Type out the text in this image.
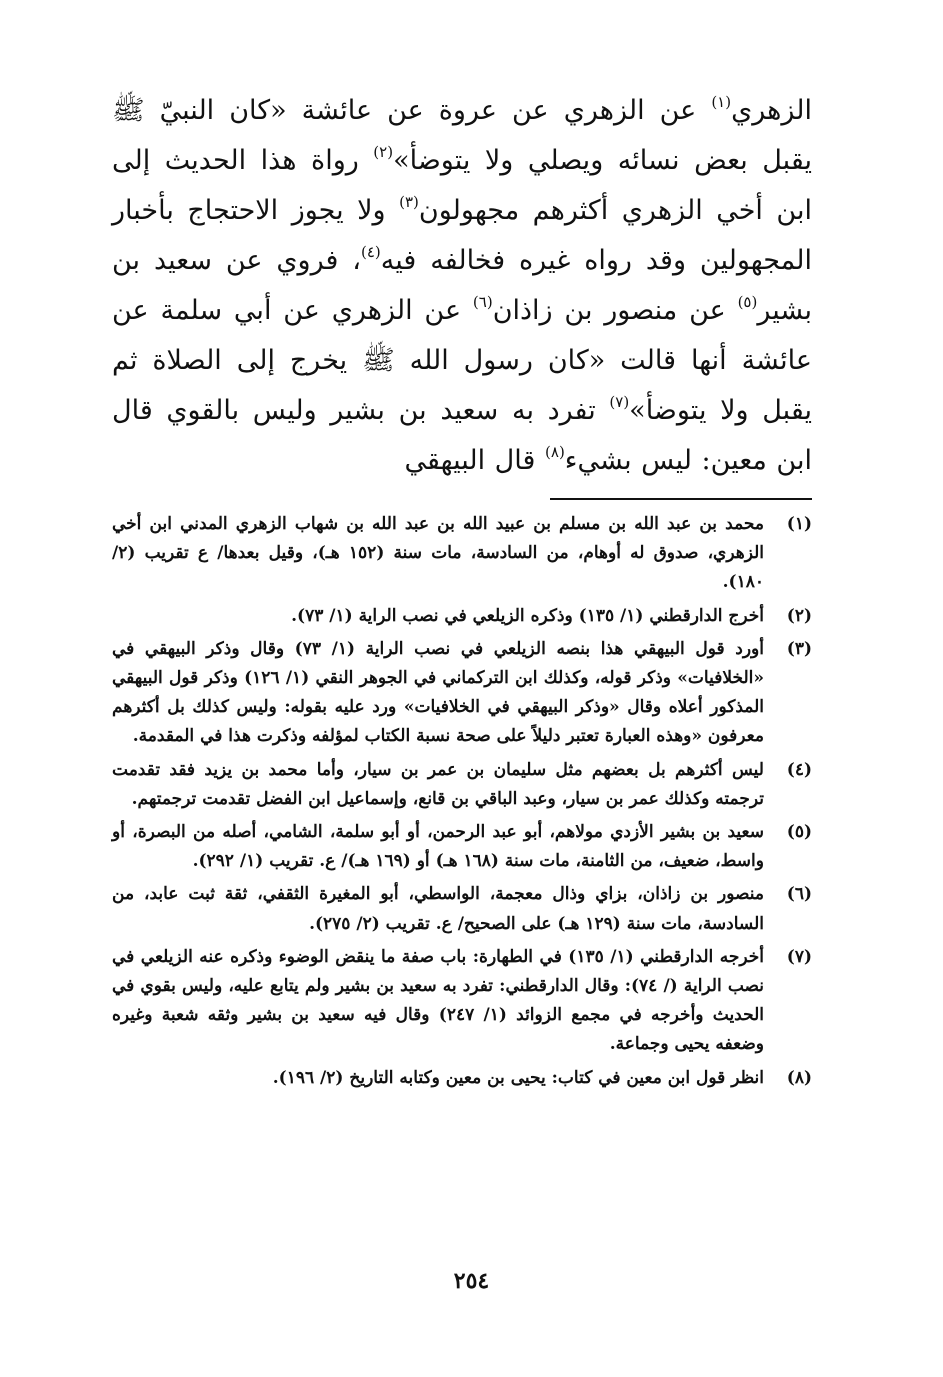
الزهري$^{(١)}$ عن الزهري عن عروة عن عائشة «كان النبيّ ﷺ يقبل بعض نسائه ويصلي ولا يتوضأ»$^{(٢)}$ رواة هذا الحديث إلى ابن أخي الزهري أكثرهم مجهولون$^{(٣)}$ ولا يجوز الاحتجاج بأخبار المجهولين وقد رواه غيره فخالفه فيه$^{(٤)}$، فروي عن سعيد بن بشير$^{(٥)}$ عن منصور بن زاذان$^{(٦)}$ عن الزهري عن أبي سلمة عن عائشة أنها قالت «كان رسول الله ﷺ يخرج إلى الصلاة ثم يقبل ولا يتوضأ»$^{(٧)}$ تفرد به سعيد بن بشير وليس بالقوي قال ابن معين: ليس بشيء$^{(٨)}$ قال البيهقي

(١)
محمد بن عبد الله بن مسلم بن عبيد الله بن عبد الله بن شهاب الزهري المدني ابن أخي الزهري، صدوق له أوهام، من السادسة، مات سنة (١٥٢ هـ)، وقيل بعدها/ ع تقريب (٢/ ١٨٠).
(٢)
أخرج الدارقطني (١/ ١٣٥) وذكره الزيلعي في نصب الراية (١/ ٧٣).
(٣)
أورد قول البيهقي هذا بنصه الزيلعي في نصب الراية (١/ ٧٣) وقال وذكر البيهقي في «الخلافيات» وذكر قوله، وكذلك ابن التركماني في الجوهر النقي (١/ ١٢٦) وذكر قول البيهقي المذكور أعلاه وقال «وذكر البيهقي في الخلافيات» ورد عليه بقوله: وليس كذلك بل أكثرهم معرفون «وهذه العبارة تعتبر دليلاً على صحة نسبة الكتاب لمؤلفه وذكرت هذا في المقدمة.
(٤)
ليس أكثرهم بل بعضهم مثل سليمان بن عمر بن سيار، وأما محمد بن يزيد فقد تقدمت ترجمته وكذلك عمر بن سيار، وعبد الباقي بن قانع، وإسماعيل ابن الفضل تقدمت ترجمتهم.
(٥)
سعيد بن بشير الأزدي مولاهم، أبو عبد الرحمن، أو أبو سلمة، الشامي، أصله من البصرة، أو واسط، ضعيف، من الثامنة، مات سنة (١٦٨ هـ) أو (١٦٩ هـ)/ ع. تقريب (١/ ٢٩٢).
(٦)
منصور بن زاذان، بزاي وذال معجمة، الواسطي، أبو المغيرة الثقفي، ثقة ثبت عابد، من السادسة، مات سنة (١٢٩ هـ) على الصحيح/ ع. تقريب (٢/ ٢٧٥).
(٧)
أخرجه الدارقطني (١/ ١٣٥) في الطهارة: باب صفة ما ينقض الوضوء وذكره عنه الزيلعي في نصب الراية (/ ٧٤): وقال الدارقطني: تفرد به سعيد بن بشير ولم يتابع عليه، وليس بقوي في الحديث وأخرجه في مجمع الزوائد (١/ ٢٤٧) وقال فيه سعيد بن بشير وثقه شعبة وغيره وضعفه يحيى وجماعة.
(٨)
انظر قول ابن معين في كتاب: يحيى بن معين وكتابه التاريخ (٢/ ١٩٦).
٢٥٤
